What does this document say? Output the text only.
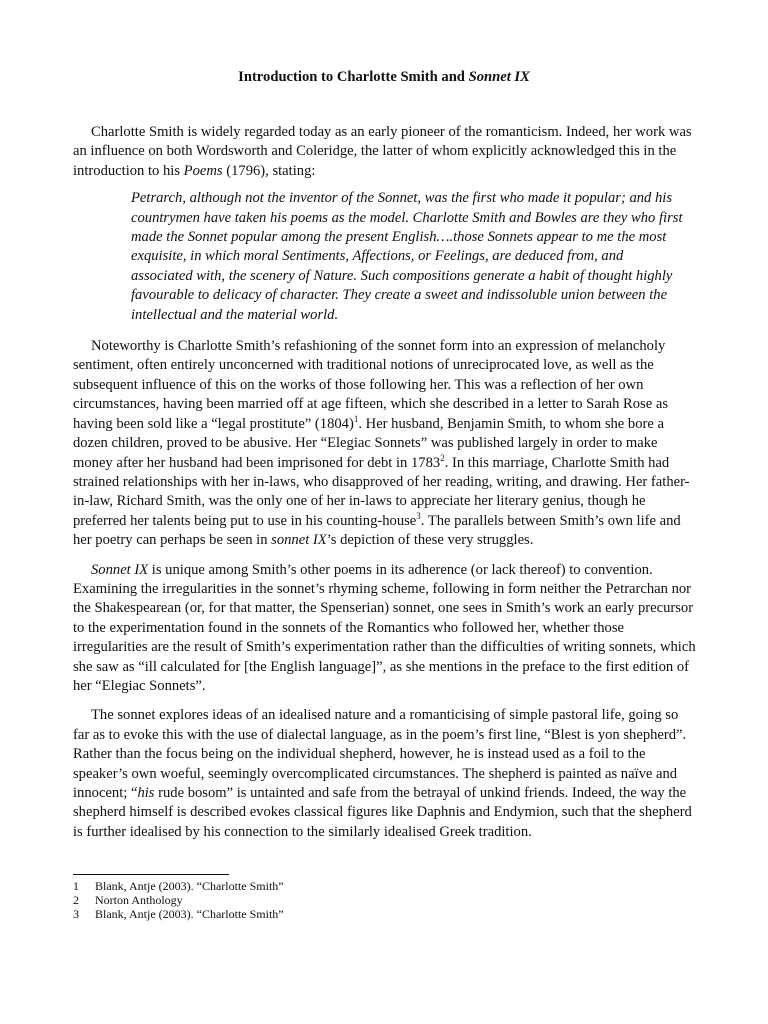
Introduction to Charlotte Smith and Sonnet IX

Charlotte Smith is widely regarded today as an early pioneer of the romanticism. Indeed, her work was an influence on both Wordsworth and Coleridge, the latter of whom explicitly acknowledged this in the introduction to his Poems (1796), stating:

Petrarch, although not the inventor of the Sonnet, was the first who made it popular; and his countrymen have taken his poems as the model. Charlotte Smith and Bowles are they who first made the Sonnet popular among the present English….those Sonnets appear to me the most exquisite, in which moral Sentiments, Affections, or Feelings, are deduced from, and associated with, the scenery of Nature. Such compositions generate a habit of thought highly favourable to delicacy of character. They create a sweet and indissoluble union between the intellectual and the material world.

Noteworthy is Charlotte Smith’s refashioning of the sonnet form into an expression of melancholy sentiment, often entirely unconcerned with traditional notions of unreciprocated love, as well as the subsequent influence of this on the works of those following her. This was a reflection of her own circumstances, having been married off at age fifteen, which she described in a letter to Sarah Rose as having been sold like a “legal prostitute” $(1804)^1$. Her husband, Benjamin Smith, to whom she bore a dozen children, proved to be abusive. Her “Elegiac Sonnets” was published largely in order to make money after her husband had been imprisoned for debt in 1783$^2$. In this marriage, Charlotte Smith had strained relationships with her in-laws, who disapproved of her reading, writing, and drawing. Her father-in-law, Richard Smith, was the only one of her in-laws to appreciate her literary genius, though he preferred her talents being put to use in his counting-house$^3$. The parallels between Smith’s own life and her poetry can perhaps be seen in sonnet IX’s depiction of these very struggles.

Sonnet IX is unique among Smith’s other poems in its adherence (or lack thereof) to convention. Examining the irregularities in the sonnet’s rhyming scheme, following in form neither the Petrarchan nor the Shakespearean (or, for that matter, the Spenserian) sonnet, one sees in Smith’s work an early precursor to the experimentation found in the sonnets of the Romantics who followed her, whether those irregularities are the result of Smith’s experimentation rather than the difficulties of writing sonnets, which she saw as “ill calculated for [the English language]”, as she mentions in the preface to the first edition of her “Elegiac Sonnets”.

The sonnet explores ideas of an idealised nature and a romanticising of simple pastoral life, going so far as to evoke this with the use of dialectal language, as in the poem’s first line, “Blest is yon shepherd”. Rather than the focus being on the individual shepherd, however, he is instead used as a foil to the speaker’s own woeful, seemingly overcomplicated circumstances. The shepherd is painted as naïve and innocent; “his rude bosom” is untainted and safe from the betrayal of unkind friends. Indeed, the way the shepherd himself is described evokes classical figures like Daphnis and Endymion, such that the shepherd is further idealised by his connection to the similarly idealised Greek tradition.

1	Blank, Antje (2003). “Charlotte Smith”
2	Norton Anthology
3	Blank, Antje (2003). “Charlotte Smith”
